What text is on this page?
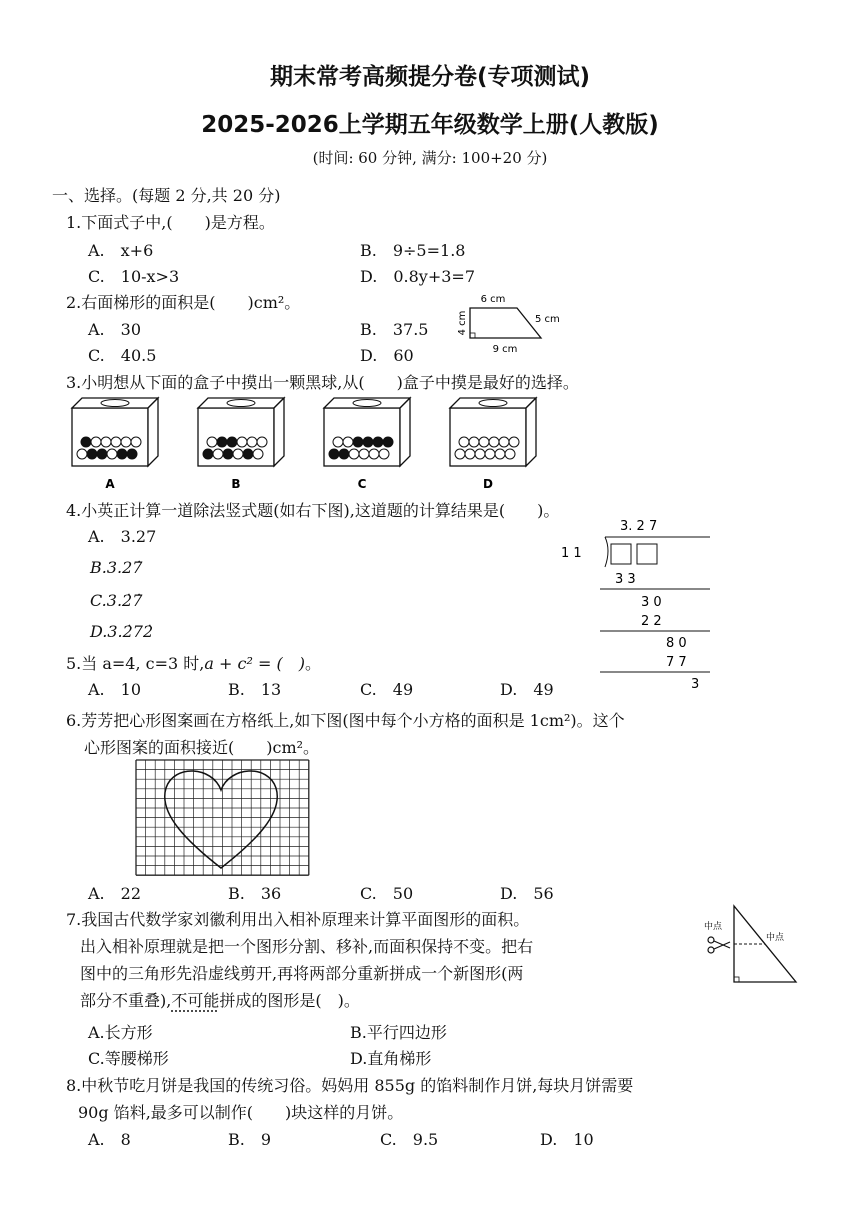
期末常考高频提分卷(专项测试)
2025-2026上学期五年级数学上册(人教版)
(时间: 60 分钟, 满分: 100+20 分)
一、选择。(每题 2 分,共 20 分)
1.下面式子中,(　　)是方程。
A.　x+6	B.　9÷5=1.8
C.　10-x>3	D.　0.8y+3=7
2.右面梯形的面积是(　　)cm²。
A.　30	B.　37.5
C.　40.5	D.　60
6 cm
4 cm	5 cm
9 cm
3.小明想从下面的盒子中摸出一颗黑球,从(　　)盒子中摸是最好的选择。
A	B	C	D
4.小英正计算一道除法竖式题(如右下图),这道题的计算结果是(　　)。
A.　3.27
B.3.27̇
C.3.2̇7̇
D.3.2̇72̇
3. 2 7
1 1
3 3
3 0
2 2
8 0
7 7
3
5.当 a=4, c=3 时,a + c² = (　)。
A.　10	B.　13	C.　49	D.　49
6.芳芳把心形图案画在方格纸上,如下图(图中每个小方格的面积是 1cm²)。这个
心形图案的面积接近(　　)cm²。
A.　22	B.　36	C.　50	D.　56
7.我国古代数学家刘徽利用出入相补原理来计算平面图形的面积。
出入相补原理就是把一个图形分割、移补,而面积保持不变。把右
图中的三角形先沿虚线剪开,再将两部分重新拼成一个新图形(两
部分不重叠),不可能拼成的图形是(　)。
中点
中点
A.长方形	B.平行四边形
C.等腰梯形	D.直角梯形
8.中秋节吃月饼是我国的传统习俗。妈妈用 855g 的馅料制作月饼,每块月饼需要
90g 馅料,最多可以制作(　　)块这样的月饼。
A.　8	B.　9	C.　9.5	D.　10
